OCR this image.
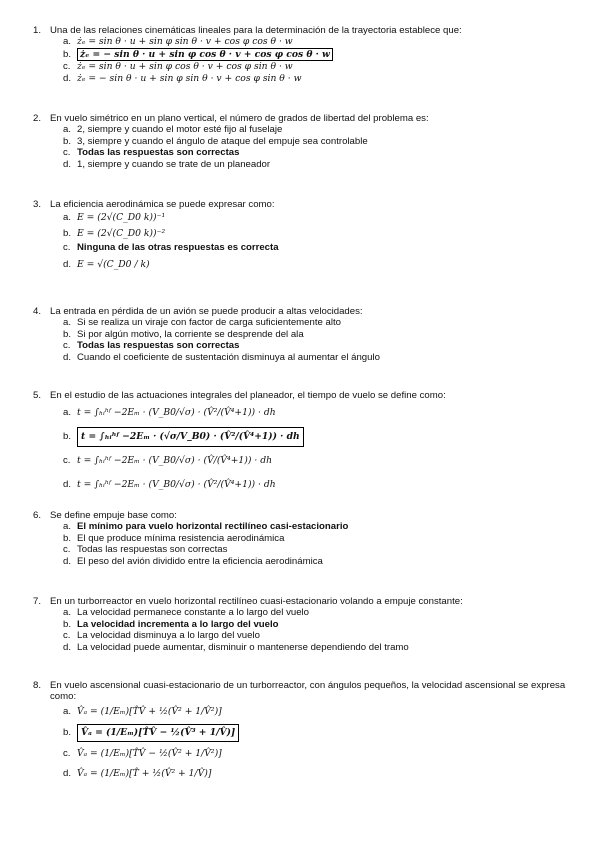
1. Una de las relaciones cinemáticas lineales para la determinación de la trayectoria establece que:
a. żₑ = sin θ · u + sin φ sin θ · v + cos φ cos θ · w
b. żₑ = − sin θ · u + sin φ cos θ · v + cos φ cos θ · w
c. żₑ = sin θ · u + sin φ cos θ · v + cos φ sin θ · w
d. żₑ = − sin θ · u + sin φ sin θ · v + cos φ sin θ · w
2. En vuelo simétrico en un plano vertical, el número de grados de libertad del problema es:
a. 2, siempre y cuando el motor esté fijo al fuselaje
b. 3, siempre y cuando el ángulo de ataque del empuje sea controlable
c. Todas las respuestas son correctas
d. 1, siempre y cuando se trate de un planeador
3. La eficiencia aerodinámica se puede expresar como:
a. E = (2√(C_D0 k))⁻¹
b. E = (2√(C_D0 k))⁻²
c. Ninguna de las otras respuestas es correcta
d. E = √(C_D0 / k)
4. La entrada en pérdida de un avión se puede producir a altas velocidades:
a. Si se realiza un viraje con factor de carga suficientemente alto
b. Si por algún motivo, la corriente se desprende del ala
c. Todas las respuestas son correctas
d. Cuando el coeficiente de sustentación disminuya al aumentar el ángulo
5. En el estudio de las actuaciones integrales del planeador, el tiempo de vuelo se define como:
a. t = ∫ₕᵢʰᶠ −2Eₘ · (V_B0/√σ) · (V̂²/(V̂⁴+1)) · dh
b.	t = ∫ₕᵢʰᶠ −2Eₘ · (√σ/V_B0) · (V̂²/(V̂⁴+1)) · dh
c. t = ∫ₕᵢʰᶠ −2Eₘ · (V_B0/√σ) · (V̂/(V̂⁴+1)) · dh
d. t = ∫ₕᵢʰᶠ −2Eₘ · (V_B0/√σ) · (V̂²/(V̂⁴+1)) · dh
6. Se define empuje base como:
a. El mínimo para vuelo horizontal rectilíneo casi-estacionario
b. El que produce mínima resistencia aerodinámica
c. Todas las respuestas son correctas
d. El peso del avión dividido entre la eficiencia aerodinámica
7. En un turborreactor en vuelo horizontal rectilíneo cuasi-estacionario volando a empuje constante:
a. La velocidad permanece constante a lo largo del vuelo
b. La velocidad incrementa a lo largo del vuelo
c. La velocidad disminuya a lo largo del vuelo
d. La velocidad puede aumentar, disminuir o mantenerse dependiendo del tramo
8. En vuelo ascensional cuasi-estacionario de un turborreactor, con ángulos pequeños, la velocidad ascensional se expresa como:
a. V̂ₐ = (1/Eₘ)[T̂V̂ + ½(V̂² + 1/V̂²)]
b.	V̂ₐ = (1/Eₘ)[T̂V̂ − ½(V̂³ + 1/V̂)]
c. V̂ₐ = (1/Eₘ)[T̂V̂ − ½(V̂² + 1/V̂²)]
d. V̂ₐ = (1/Eₘ)[T̂ + ½(V̂² + 1/V̂)]
